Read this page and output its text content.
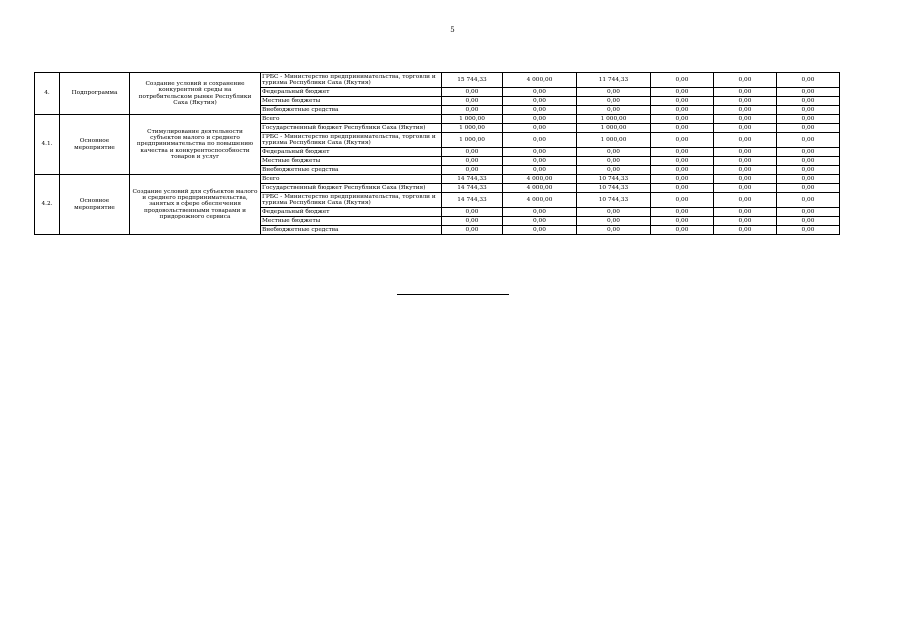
5
4.	Подпрограмма	Создание условий и сохранение конкурентной среды на потребительском рынке Республики Саха (Якутия)	ГРБС - Министерство предпринимательства, торговли и туризма Республики Саха (Якутия)	15 744,33	4 000,00	11 744,33	0,00	0,00	0,00
			Федеральный бюджет	0,00	0,00	0,00	0,00	0,00	0,00
			Местные бюджеты	0,00	0,00	0,00	0,00	0,00	0,00
			Внебюджетные средства	0,00	0,00	0,00	0,00	0,00	0,00
4.1.	Основное мероприятие	Стимулирование деятельности субъектов малого и среднего предпринимательства по повышению качества и конкурентоспособности товаров и услуг	Всего	1 000,00	0,00	1 000,00	0,00	0,00	0,00
			Государственный бюджет Республики Саха (Якутия)	1 000,00	0,00	1 000,00	0,00	0,00	0,00
			ГРБС - Министерство предпринимательства, торговли и туризма Республики Саха (Якутия)	1 000,00	0,00	1 000,00	0,00	0,00	0,00
			Федеральный бюджет	0,00	0,00	0,00	0,00	0,00	0,00
			Местные бюджеты	0,00	0,00	0,00	0,00	0,00	0,00
			Внебюджетные средства	0,00	0,00	0,00	0,00	0,00	0,00
4.2.	Основное мероприятие	Создание условий для субъектов малого и среднего предпринимательства, занятых в сфере обеспечения продовольственными товарами и придорожного сервиса	Всего	14 744,33	4 000,00	10 744,33	0,00	0,00	0,00
			Государственный бюджет Республики Саха (Якутия)	14 744,33	4 000,00	10 744,33	0,00	0,00	0,00
			ГРБС - Министерство предпринимательства, торговли и туризма Республики Саха (Якутия)	14 744,33	4 000,00	10 744,33	0,00	0,00	0,00
			Федеральный бюджет	0,00	0,00	0,00	0,00	0,00	0,00
			Местные бюджеты	0,00	0,00	0,00	0,00	0,00	0,00
			Внебюджетные средства	0,00	0,00	0,00	0,00	0,00	0,00
